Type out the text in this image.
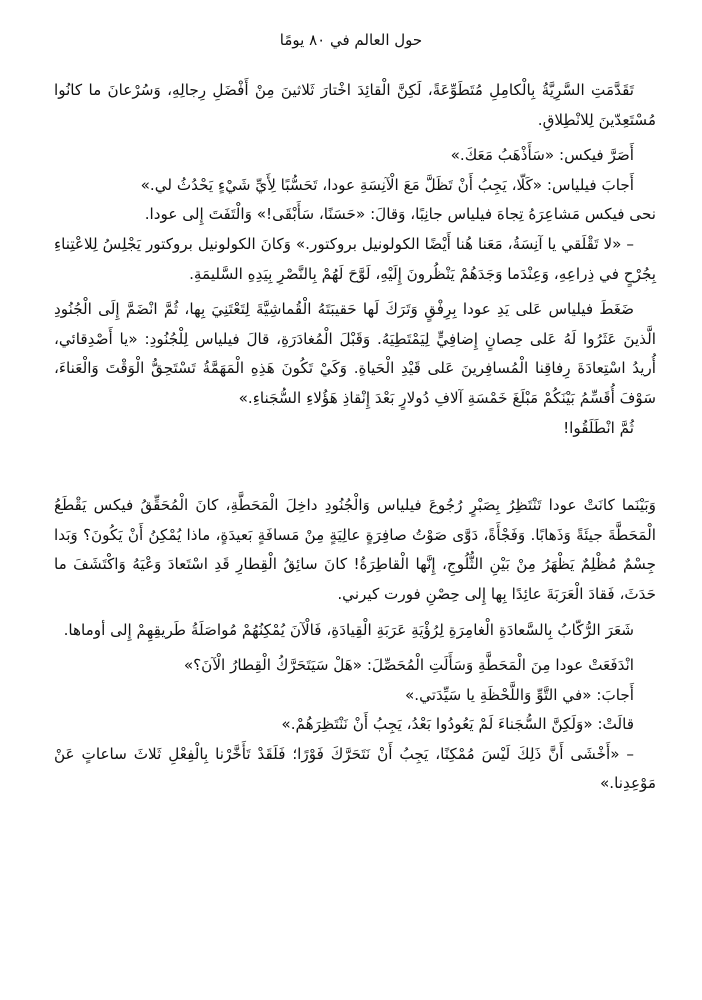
حول العالم في ٨٠ يومًا

تَقَدَّمَتِ السَّرِيَّةُ بِالْكامِلِ مُتَطَوِّعَةً، لَكِنَّ الْقائِدَ اخْتارَ ثَلاثينَ مِنْ أَفْضَلِ رِجالِهِ، وَسُرْعانَ ما كانُوا مُسْتَعِدّينَ لِلانْطِلاقِ.

أَصَرَّ فيكس: «سَأَذْهَبُ مَعَكَ.»

أَجابَ فيلياس: «كَلّا، يَجِبُ أَنْ تَظَلَّ مَعَ الْآنِسَةِ عودا، تَحَسُّبًا لِأَيِّ شَيْءٍ يَحْدُثُ لي.»

نحى فيكس مَشاعِرَهُ تِجاهَ فيلياس جانِبًا، وَقالَ: «حَسَنًا، سَأَبْقَى!» وَالْتَفَتَ إِلى عودا.

– «لا تَقْلَقي يا آنِسَةُ، مَعَنا هُنا أَيْضًا الكولونيل بروكتور.» وَكانَ الكولونيل بروكتور يَجْلِسُ لِلاعْتِناءِ بِجُرْحٍ في ذِراعِهِ، وَعِنْدَما وَجَدَهُمْ يَنْظُرونَ إِلَيْهِ، لَوَّحَ لَهُمْ بِالنَّصْرِ بِيَدِهِ السَّليمَةِ.

ضَغَطَ فيلياس عَلى يَدِ عودا بِرِفْقٍ وَتَرَكَ لَها حَقيبَتَهُ الْقُماشِيَّةَ لِتَعْتَنِيَ بِها، ثُمَّ انْضَمَّ إِلَى الْجُنُودِ الَّذينَ عَثَرُوا لَهُ عَلى حِصانٍ إِضافِيٍّ لِيَمْتَطِيَهُ. وَقَبْلَ الْمُغادَرَةِ، قالَ فيلياس لِلْجُنُودِ: «يا أَصْدِقائي، أُريدُ اسْتِعادَةَ رِفاقِنا الْمُسافِرينَ عَلى قَيْدِ الْحَياةِ. وَكَيْ تَكُونَ هَذِهِ الْمَهَمَّةُ تَسْتَحِقُّ الْوَقْتَ وَالْعَناءَ، سَوْفَ أُقَسِّمُ بَيْنَكُمْ مَبْلَغَ خَمْسَةِ آلافِ دُولارٍ بَعْدَ إِنْقاذِ هَؤُلاءِ السُّجَناءِ.»

ثُمَّ انْطَلَقُوا!

وَبَيْنَما كانَتْ عودا تَنْتَظِرُ بِصَبْرٍ رُجُوعَ فيلياس وَالْجُنُودِ داخِلَ الْمَحَطَّةِ، كانَ الْمُحَقِّقُ فيكس يَقْطَعُ الْمَحَطَّةَ جيئَةً وَذَهابًا. وَفَجْأَةً، دَوَّى صَوْتُ صافِرَةٍ عالِيَةٍ مِنْ مَسافَةٍ بَعيدَةٍ، ماذا يُمْكِنُ أَنْ يَكُونَ؟ وَبَدا جِسْمٌ مُظْلِمٌ يَظْهَرُ مِنْ بَيْنِ الثُّلُوجِ، إِنَّها الْقاطِرَةُ! كانَ سائِقُ الْقِطارِ قَدِ اسْتَعادَ وَعْيَهُ وَاكْتَشَفَ ما حَدَثَ، فَقادَ الْعَرَبَةَ عائِدًا بِها إِلى حِصْنِ فورت كيرني.

شَعَرَ الرُّكّابُ بِالسَّعادَةِ الْغامِرَةِ لِرُؤْيَةِ عَرَبَةِ الْقِيادَةِ، فَالْآنَ يُمْكِنُهُمْ مُواصَلَةُ طَريقِهِمْ إِلى أوماها.

انْدَفَعَتْ عودا مِنَ الْمَحَطَّةِ وَسَأَلَتِ الْمُحَصِّلَ: «هَلْ سَيَتَحَرَّكُ الْقِطارُ الْآنَ؟»

أَجابَ: «في التَّوِّ وَاللَّحْظَةِ يا سَيِّدَتي.»

قالَتْ: «وَلَكِنَّ السُّجَناءَ لَمْ يَعُودُوا بَعْدُ، يَجِبُ أَنْ نَنْتَظِرَهُمْ.»

– «أَخْشَى أَنَّ ذَلِكَ لَيْسَ مُمْكِنًا، يَجِبُ أَنْ نَتَحَرَّكَ فَوْرًا؛ فَلَقَدْ تَأَخَّرْنا بِالْفِعْلِ ثَلاثَ ساعاتٍ عَنْ مَوْعِدِنا.»
